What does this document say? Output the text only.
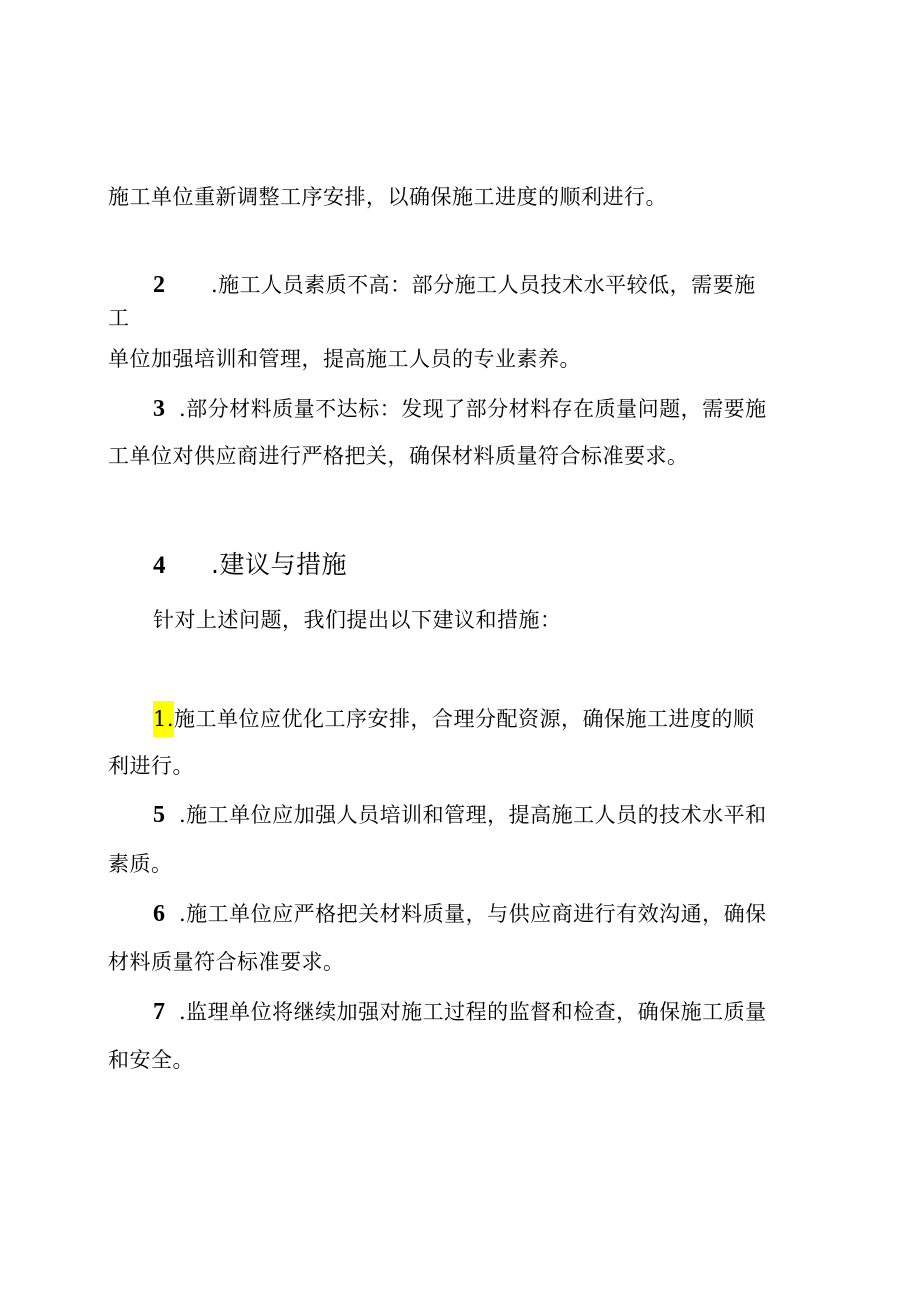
施工单位重新调整工序安排，以确保施工进度的顺利进行。
2 .施工人员素质不高：部分施工人员技术水平较低，需要施
工
单位加强培训和管理，提高施工人员的专业素养。
3 .部分材料质量不达标：发现了部分材料存在质量问题，需要施
工单位对供应商进行严格把关，确保材料质量符合标准要求。
4 .建议与措施
针对上述问题，我们提出以下建议和措施：
1.施工单位应优化工序安排，合理分配资源，确保施工进度的顺
利进行。
5 .施工单位应加强人员培训和管理，提高施工人员的技术水平和
素质。
6 .施工单位应严格把关材料质量，与供应商进行有效沟通，确保
材料质量符合标准要求。
7 .监理单位将继续加强对施工过程的监督和检查，确保施工质量
和安全。
